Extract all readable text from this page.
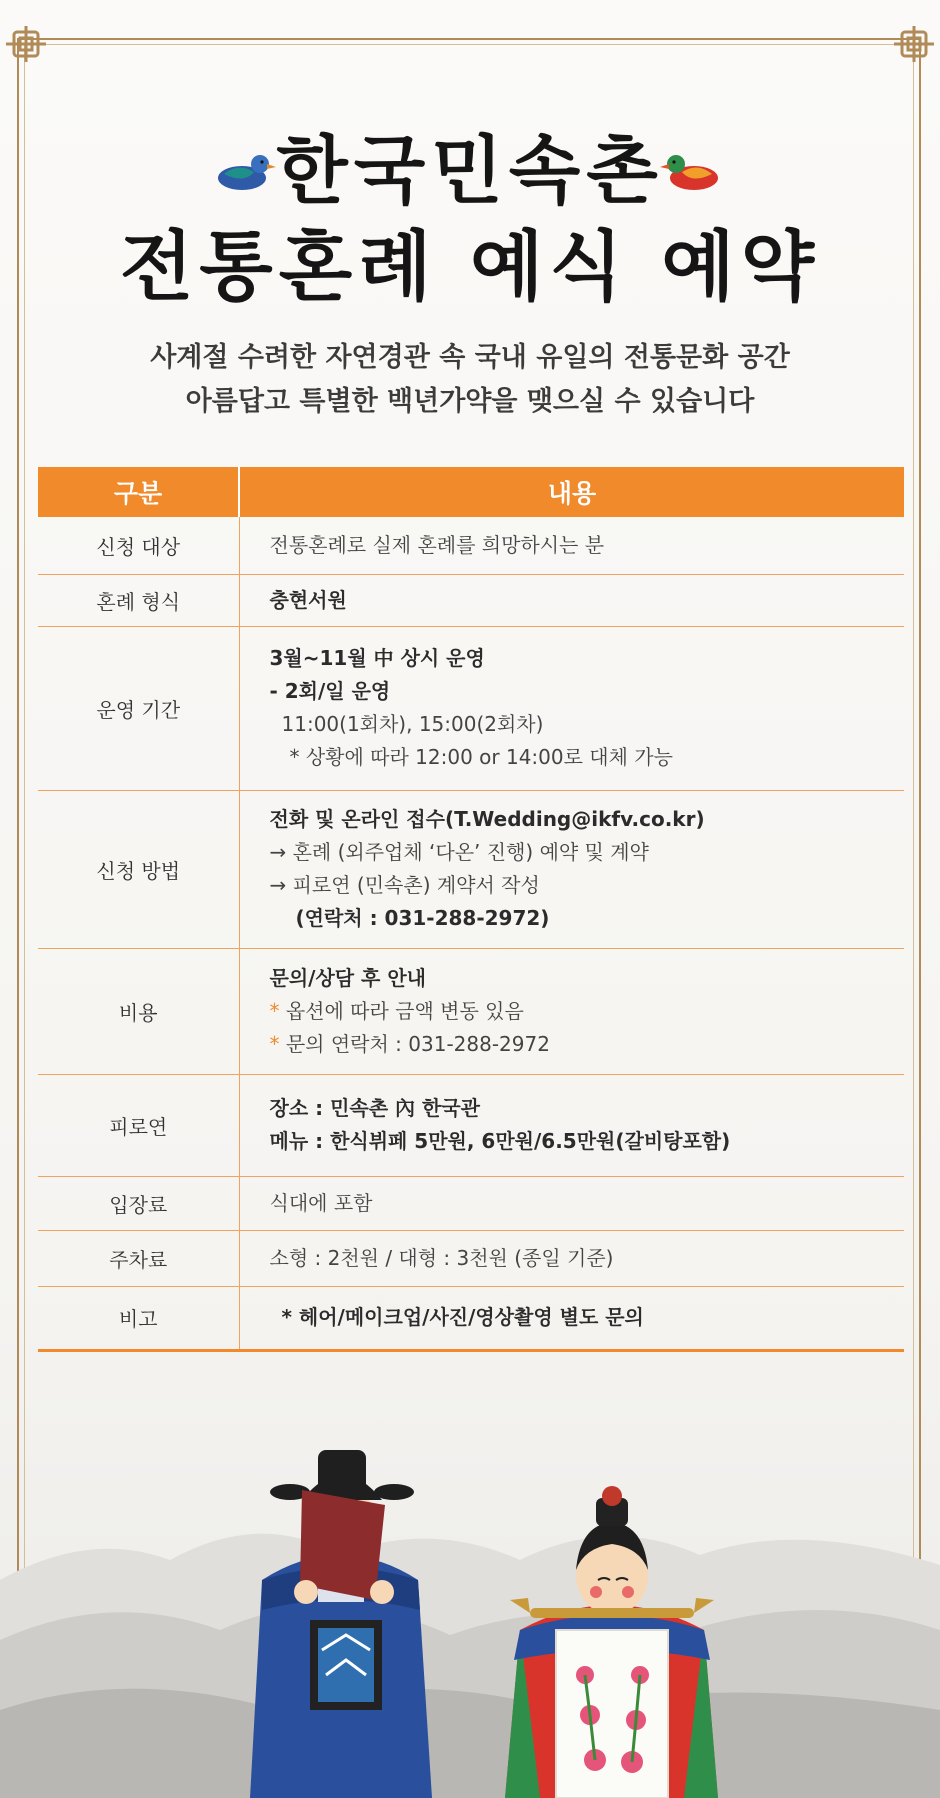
한국민속촌
전통혼례 예식 예약
사계절 수려한 자연경관 속 국내 유일의 전통문화 공간
아름답고 특별한 백년가약을 맺으실 수 있습니다
구분	내용
신청 대상	전통혼례로 실제 혼례를 희망하시는 분

혼례 형식	충현서원

운영 기간	3월~11월 中 상시 운영
- 2회/일 운영
11:00(1회차), 15:00(2회차)
* 상황에 따라 12:00 or 14:00로 대체 가능

신청 방법	전화 및 온라인 접수(T.Wedding@ikfv.co.kr)
→ 혼례 (외주업체 ‘다온’ 진행) 예약 및 계약
→ 피로연 (민속촌) 계약서 작성
(연락처 : 031-288-2972)

비용	문의/상담 후 안내
* 옵션에 따라 금액 변동 있음
* 문의 연락처 : 031-288-2972

피로연	장소 : 민속촌 內 한국관
메뉴 : 한식뷔페 5만원, 6만원/6.5만원(갈비탕포함)

입장료	식대에 포함

주차료	소형 : 2천원 / 대형 : 3천원 (종일 기준)

비고	* 헤어/메이크업/사진/영상촬영 별도 문의
